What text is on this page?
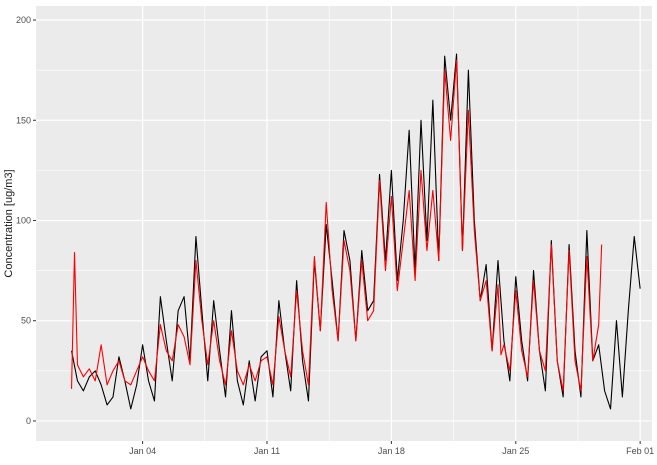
0
50
100
150
200
Jan 04	Jan 11	Jan 18	Jan 25	Feb 01
Concentration [ug/m3]
